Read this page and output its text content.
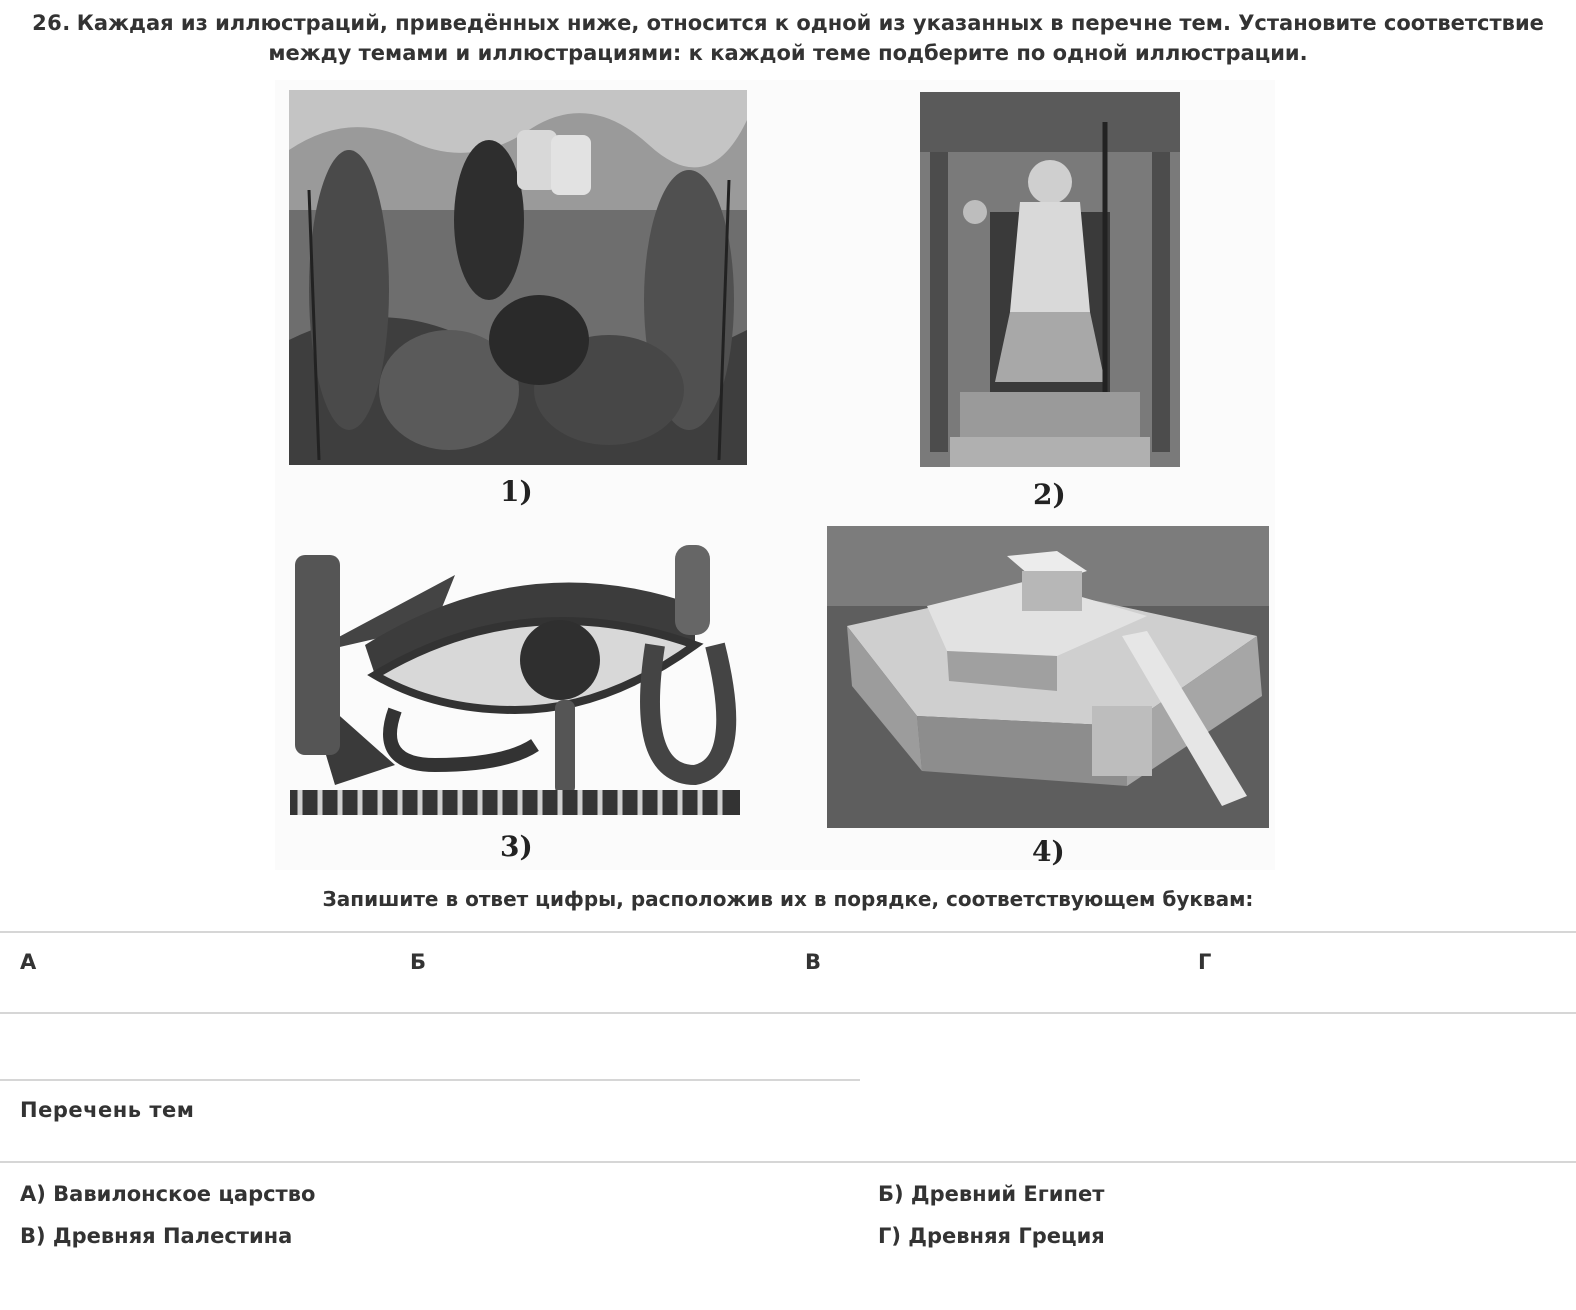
26. Каждая из иллюстраций, приведённых ниже, относится к одной из указанных в перечне тем. Установите соответствие между темами и иллюстрациями: к каждой теме подберите по одной иллюстрации.
1)	2)
3)	4)
Запишите в ответ цифры, расположив их в порядке, соответствующем буквам:
А	Б	В	Г
Перечень тем
А) Вавилонское царство	Б) Древний Египет
В) Древняя Палестина	Г) Древняя Греция
